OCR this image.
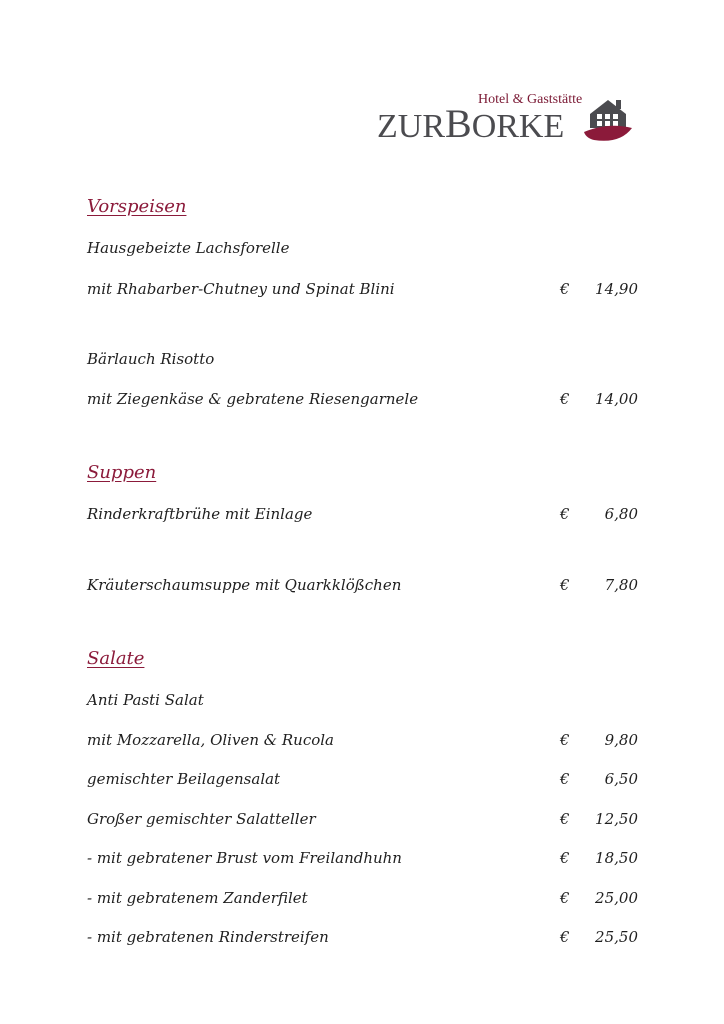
Hotel & Gaststätte
ZURBORKE
Vorspeisen
Hausgebeizte Lachsforelle
mit Rhabarber-Chutney und Spinat Blini	€ 14,90
Bärlauch Risotto
mit Ziegenkäse & gebratene Riesengarnele	€ 14,00
Suppen
Rinderkraftbrühe mit Einlage	€ 6,80
Kräuterschaumsuppe mit Quarkklößchen	€ 7,80
Salate
Anti Pasti Salat
mit Mozzarella, Oliven & Rucola	€ 9,80
gemischter Beilagensalat	€ 6,50
Großer gemischter Salatteller	€ 12,50
- mit gebratener Brust vom Freilandhuhn	€ 18,50
- mit gebratenem Zanderfilet	€ 25,00
- mit gebratenen Rinderstreifen	€ 25,50
